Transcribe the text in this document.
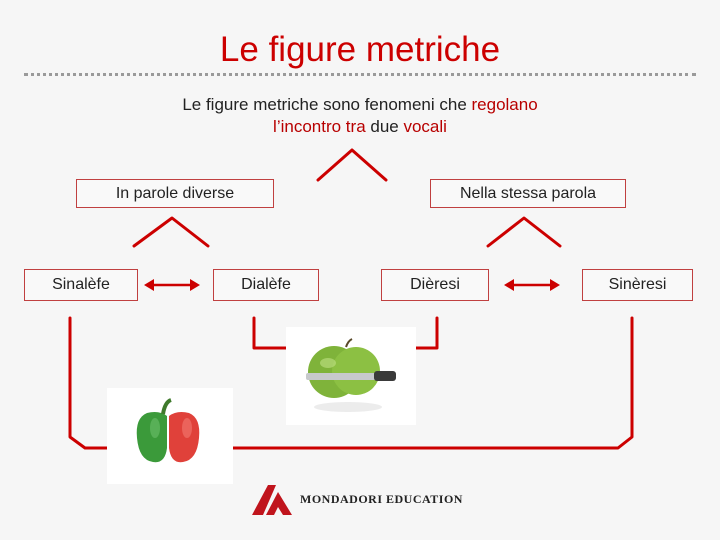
Le figure metriche
Le figure metriche sono fenomeni che regolano
l’incontro tra due vocali
In parole diverse	Nella stessa parola
Sinalèfe	Dialèfe	Dièresi	Sinèresi
MONDADORI EDUCATION
